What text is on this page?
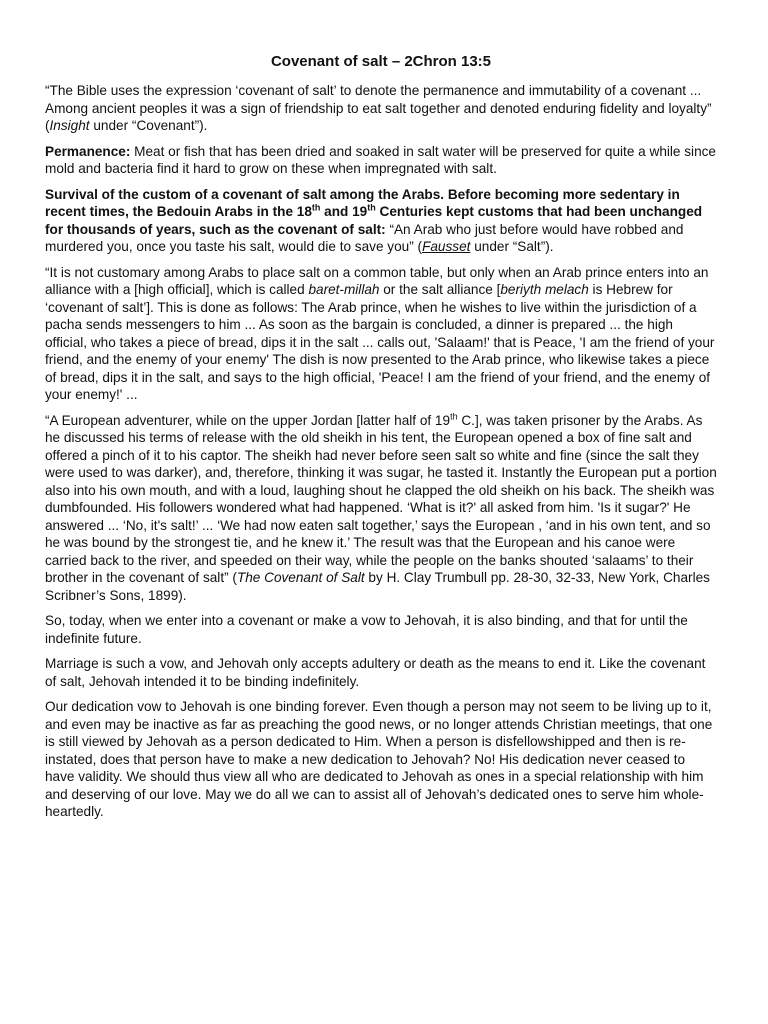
Covenant of salt – 2Chron 13:5

“The Bible uses the expression ‘covenant of salt’ to denote the permanence and immutability of a covenant ... Among ancient peoples it was a sign of friendship to eat salt together and denoted enduring fidelity and loyalty” (Insight under “Covenant”).

Permanence: Meat or fish that has been dried and soaked in salt water will be preserved for quite a while since mold and bacteria find it hard to grow on these when impregnated with salt.

Survival of the custom of a covenant of salt among the Arabs. Before becoming more sedentary in recent times, the Bedouin Arabs in the 18th and 19th Centuries kept customs that had been unchanged for thousands of years, such as the covenant of salt: “An Arab who just before would have robbed and murdered you, once you taste his salt, would die to save you” (Fausset under “Salt”).

“It is not customary among Arabs to place salt on a common table, but only when an Arab prince enters into an alliance with a [high official], which is called baret-millah or the salt alliance [beriyth melach is Hebrew for ‘covenant of salt’]. This is done as follows: The Arab prince, when he wishes to live within the jurisdiction of a pacha sends messengers to him ... As soon as the bargain is concluded, a dinner is prepared ... the high official, who takes a piece of bread, dips it in the salt ... calls out, 'Salaam!' that is Peace, 'I am the friend of your friend, and the enemy of your enemy' The dish is now presented to the Arab prince, who likewise takes a piece of bread, dips it in the salt, and says to the high official, 'Peace! I am the friend of your friend, and the enemy of your enemy!' ...

“A European adventurer, while on the upper Jordan [latter half of 19th C.], was taken prisoner by the Arabs. As he discussed his terms of release with the old sheikh in his tent, the European opened a box of fine salt and offered a pinch of it to his captor. The sheikh had never before seen salt so white and fine (since the salt they were used to was darker), and, therefore, thinking it was sugar, he tasted it. Instantly the European put a portion also into his own mouth, and with a loud, laughing shout he clapped the old sheikh on his back. The sheikh was dumbfounded. His followers wondered what had happened. ‘What is it?' all asked from him. 'Is it sugar?' He answered ... ‘No, it's salt!’ ... ‘We had now eaten salt together,’ says the European , ‘and in his own tent, and so he was bound by the strongest tie, and he knew it.’ The result was that the European and his canoe were carried back to the river, and speeded on their way, while the people on the banks shouted ‘salaams’ to their brother in the covenant of salt” (The Covenant of Salt by H. Clay Trumbull pp. 28-30, 32-33, New York, Charles Scribner’s Sons, 1899).

So, today, when we enter into a covenant or make a vow to Jehovah, it is also binding, and that for until the indefinite future.

Marriage is such a vow, and Jehovah only accepts adultery or death as the means to end it. Like the covenant of salt, Jehovah intended it to be binding indefinitely.

Our dedication vow to Jehovah is one binding forever. Even though a person may not seem to be living up to it, and even may be inactive as far as preaching the good news, or no longer attends Christian meetings, that one is still viewed by Jehovah as a person dedicated to Him. When a person is disfellowshipped and then is re-instated, does that person have to make a new dedication to Jehovah? No! His dedication never ceased to have validity. We should thus view all who are dedicated to Jehovah as ones in a special relationship with him and deserving of our love. May we do all we can to assist all of Jehovah’s dedicated ones to serve him whole-heartedly.
